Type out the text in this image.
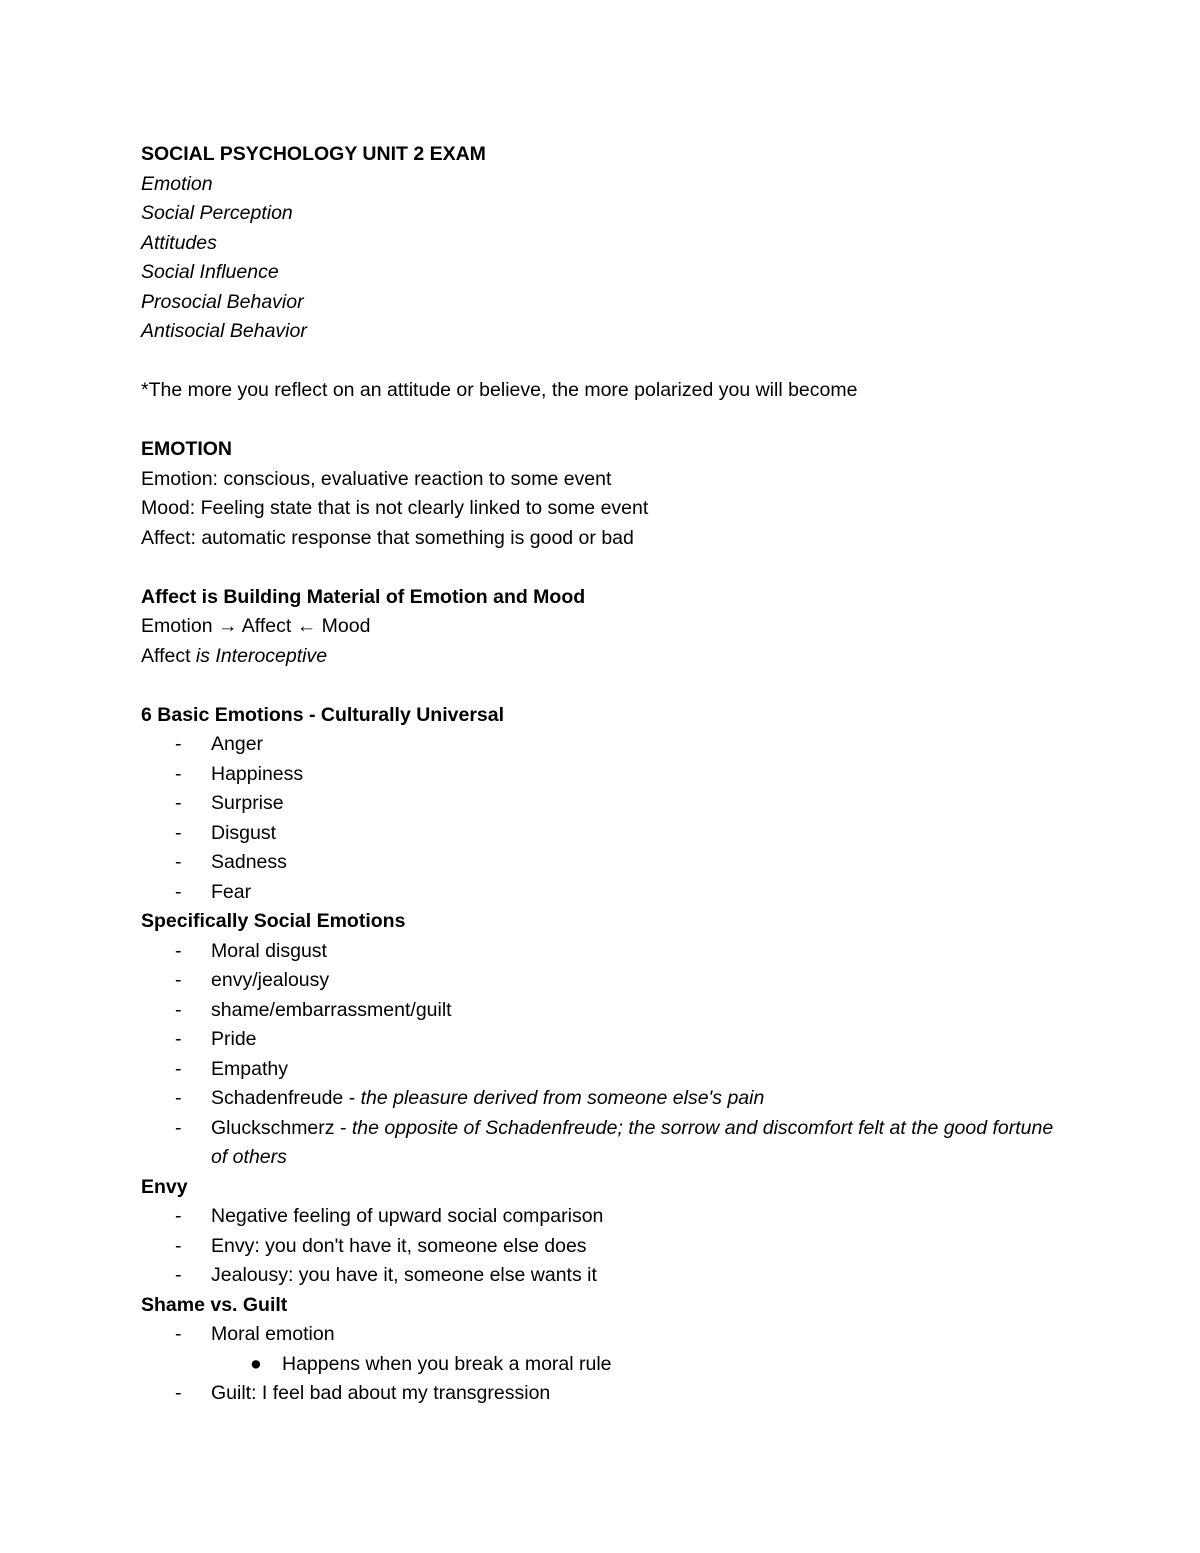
SOCIAL PSYCHOLOGY UNIT 2 EXAM
Emotion
Social Perception
Attitudes
Social Influence
Prosocial Behavior
Antisocial Behavior
*The more you reflect on an attitude or believe, the more polarized you will become
EMOTION
Emotion: conscious, evaluative reaction to some event
Mood: Feeling state that is not clearly linked to some event
Affect: automatic response that something is good or bad
Affect is Building Material of Emotion and Mood
Emotion → Affect ← Mood
Affect is Interoceptive
6 Basic Emotions - Culturally Universal
- Anger
- Happiness
- Surprise
- Disgust
- Sadness
- Fear
Specifically Social Emotions
- Moral disgust
- envy/jealousy
- shame/embarrassment/guilt
- Pride
- Empathy
- Schadenfreude - the pleasure derived from someone else's pain
- Gluckschmerz - the opposite of Schadenfreude; the sorrow and discomfort felt at the good fortune of others
Envy
- Negative feeling of upward social comparison
- Envy: you don't have it, someone else does
- Jealousy: you have it, someone else wants it
Shame vs. Guilt
- Moral emotion
● Happens when you break a moral rule
- Guilt: I feel bad about my transgression
